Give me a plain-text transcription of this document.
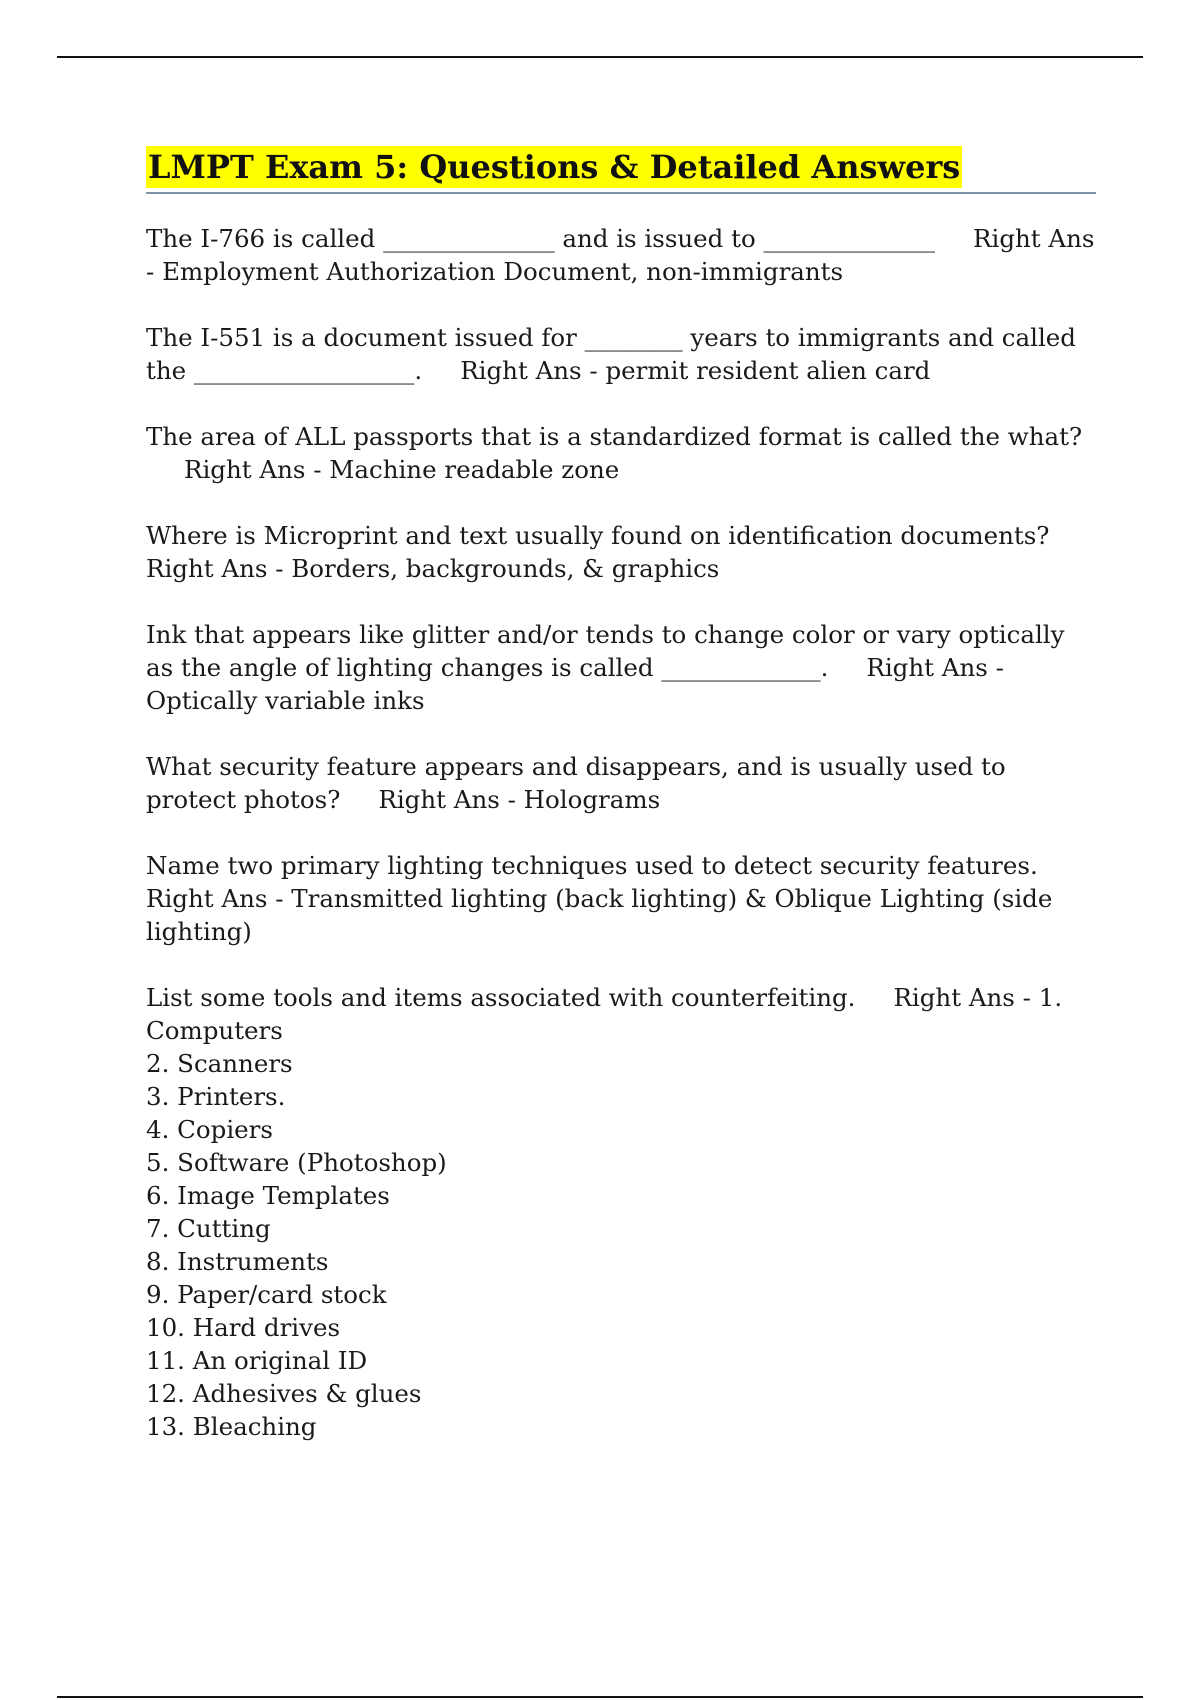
LMPT Exam 5: Questions & Detailed Answers

The I-766 is called ______________ and is issued to ______________ Right Ans - Employment Authorization Document, non-immigrants

The I-551 is a document issued for ________ years to immigrants and called the __________________. Right Ans - permit resident alien card

The area of ALL passports that is a standardized format is called the what?Right Ans - Machine readable zone

Where is Microprint and text usually found on identification documents?Right Ans - Borders, backgrounds, & graphics

Ink that appears like glitter and/or tends to change color or vary optically as the angle of lighting changes is called _____________. Right Ans - Optically variable inks

What security feature appears and disappears, and is usually used to protect photos? Right Ans - Holograms

Name two primary lighting techniques used to detect security features.Right Ans - Transmitted lighting (back lighting) & Oblique Lighting (side lighting)

List some tools and items associated with counterfeiting. Right Ans - 1. Computers
2. Scanners
3. Printers.
4. Copiers
5. Software (Photoshop)
6. Image Templates
7. Cutting
8. Instruments
9. Paper/card stock
10. Hard drives
11. An original ID
12. Adhesives & glues
13. Bleaching
